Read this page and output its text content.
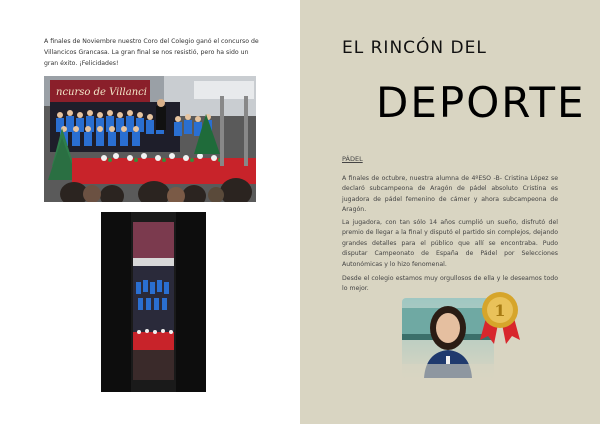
A finales de Noviembre nuestro Coro del Colegio ganó el concurso de Villancicos Grancasa. La gran final se nos resistió, pero ha sido un gran éxito. ¡Felicidades!
ncurso de Villanci
EL RINCÓN DEL
DEPORTE
PÁDEL
A finales de octubre, nuestra alumna de 4ºESO -B- Cristina López se declaró subcampeona de Aragón de pádel absoluto Cristina es jugadora de pádel femenino de cámer y ahora subcampeona de Aragón.
La jugadora, con tan sólo 14 años cumplió un sueño, disfrutó del premio de llegar a la final y disputó el partido sin complejos, dejando grandes detalles para el público que allí se encontraba. Pudo disputar Campeonato de España de Pádel por Selecciones Autonómicas y lo hizo fenomenal.
Desde el colegio estamos muy orgullosos de ella y le deseamos todo lo mejor.
1
